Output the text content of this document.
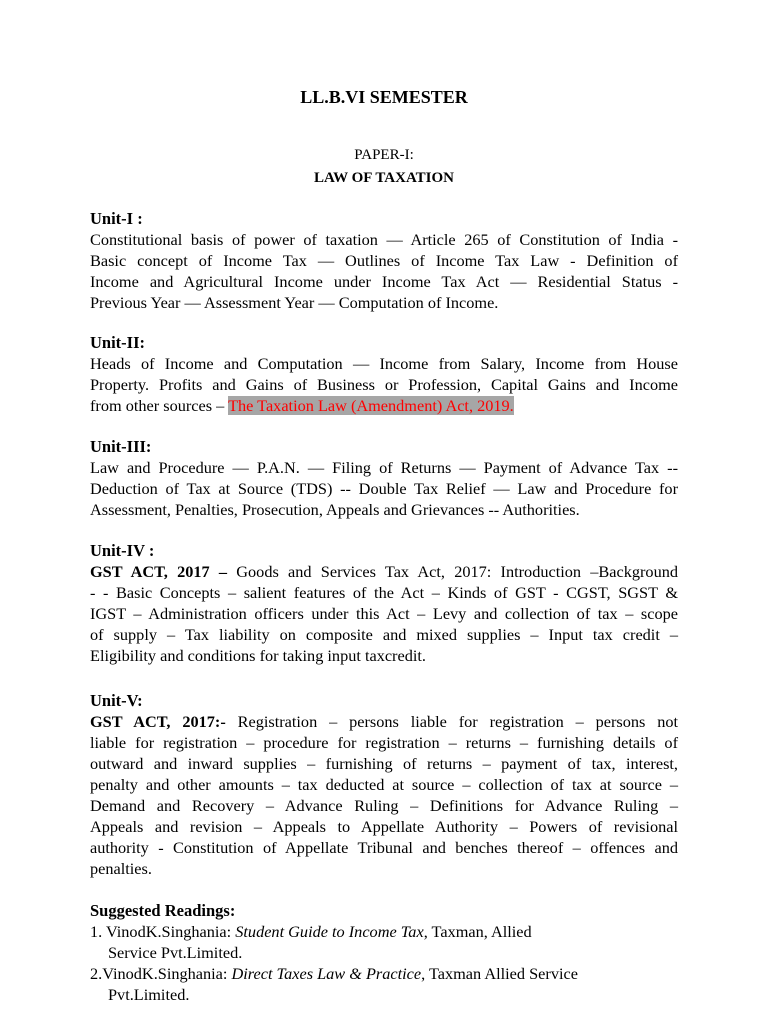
LL.B.VI SEMESTER
PAPER-I:
LAW OF TAXATION
Unit-I :
Constitutional basis of power of taxation — Article 265 of Constitution of India -
Basic concept of Income Tax — Outlines of Income Tax Law - Definition of
Income and Agricultural Income under Income Tax Act — Residential Status -
Previous Year — Assessment Year — Computation of Income.
Unit-II:
Heads of Income and Computation — Income from Salary, Income from House
Property. Profits and Gains of Business or Profession, Capital Gains and Income
from other sources – The Taxation Law (Amendment) Act, 2019.
Unit-III:
Law and Procedure — P.A.N. — Filing of Returns — Payment of Advance Tax --
Deduction of Tax at Source (TDS) -- Double Tax Relief — Law and Procedure for
Assessment, Penalties, Prosecution, Appeals and Grievances -- Authorities.
Unit-IV :
GST ACT, 2017 – Goods and Services Tax Act, 2017: Introduction –Background
- - Basic Concepts – salient features of the Act – Kinds of GST - CGST, SGST &
IGST – Administration officers under this Act – Levy and collection of tax – scope
of supply – Tax liability on composite and mixed supplies – Input tax credit –
Eligibility and conditions for taking input taxcredit.
Unit-V:
GST ACT, 2017:- Registration – persons liable for registration – persons not
liable for registration – procedure for registration – returns – furnishing details of
outward and inward supplies – furnishing of returns – payment of tax, interest,
penalty and other amounts – tax deducted at source – collection of tax at source –
Demand and Recovery – Advance Ruling – Definitions for Advance Ruling –
Appeals and revision – Appeals to Appellate Authority – Powers of revisional
authority - Constitution of Appellate Tribunal and benches thereof – offences and
penalties.
Suggested Readings:
1. VinodK.Singhania: Student Guide to Income Tax, Taxman, Allied
Service Pvt.Limited.
2.VinodK.Singhania: Direct Taxes Law & Practice, Taxman Allied Service
Pvt.Limited.
